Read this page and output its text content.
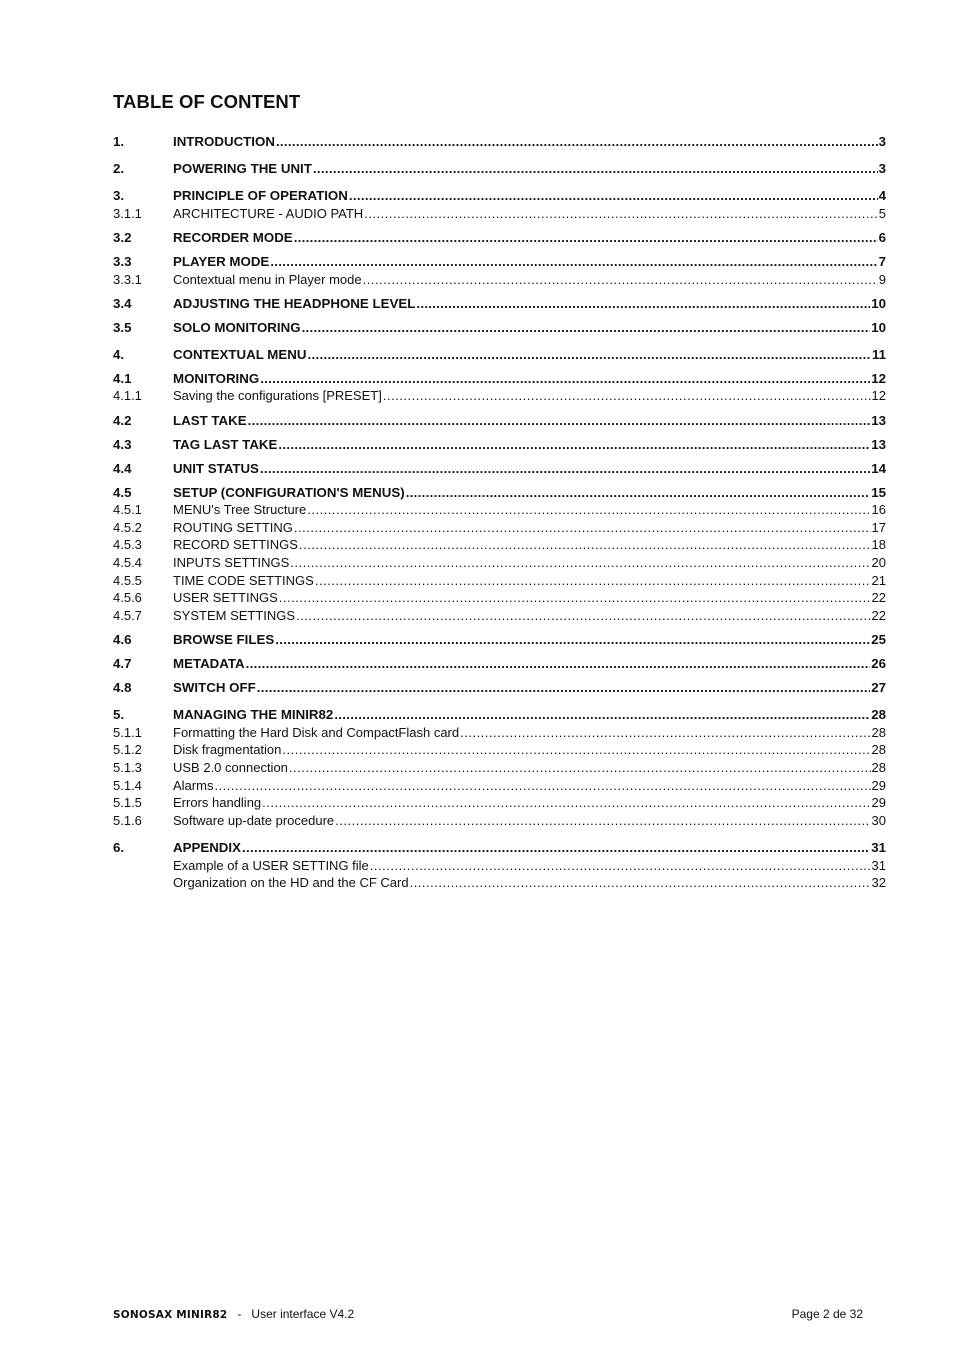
TABLE OF CONTENT
1.	INTRODUCTION .....	3
2.	POWERING THE UNIT .....	3
3.	PRINCIPLE OF OPERATION .....	4
3.1.1	ARCHITECTURE - AUDIO PATH .....	5
3.2	RECORDER MODE .....	6
3.3	PLAYER MODE .....	7
3.3.1	Contextual menu in Player mode .....	9
3.4	ADJUSTING THE HEADPHONE LEVEL .....	10
3.5	SOLO MONITORING .....	10
4.	CONTEXTUAL MENU .....	11
4.1	MONITORING .....	12
4.1.1	Saving the configurations [PRESET] .....	12
4.2	LAST TAKE .....	13
4.3	TAG LAST TAKE .....	13
4.4	UNIT STATUS .....	14
4.5	SETUP (CONFIGURATION'S MENUS) .....	15
4.5.1	MENU's Tree Structure .....	16
4.5.2	ROUTING SETTING .....	17
4.5.3	RECORD SETTINGS .....	18
4.5.4	INPUTS SETTINGS .....	20
4.5.5	TIME CODE SETTINGS .....	21
4.5.6	USER SETTINGS .....	22
4.5.7	SYSTEM SETTINGS .....	22
4.6	BROWSE FILES .....	25
4.7	METADATA .....	26
4.8	SWITCH OFF .....	27
5.	MANAGING THE MINIR82 .....	28
5.1.1	Formatting the Hard Disk and CompactFlash card .....	28
5.1.2	Disk fragmentation .....	28
5.1.3	USB 2.0 connection .....	28
5.1.4	Alarms .....	29
5.1.5	Errors handling .....	29
5.1.6	Software up-date procedure .....	30
6.	APPENDIX .....	31
Example of a USER SETTING file .....	31
Organization on the HD and the CF Card .....	32
SONOSAX MINIR82 - User interface V4.2	Page 2 de 32
